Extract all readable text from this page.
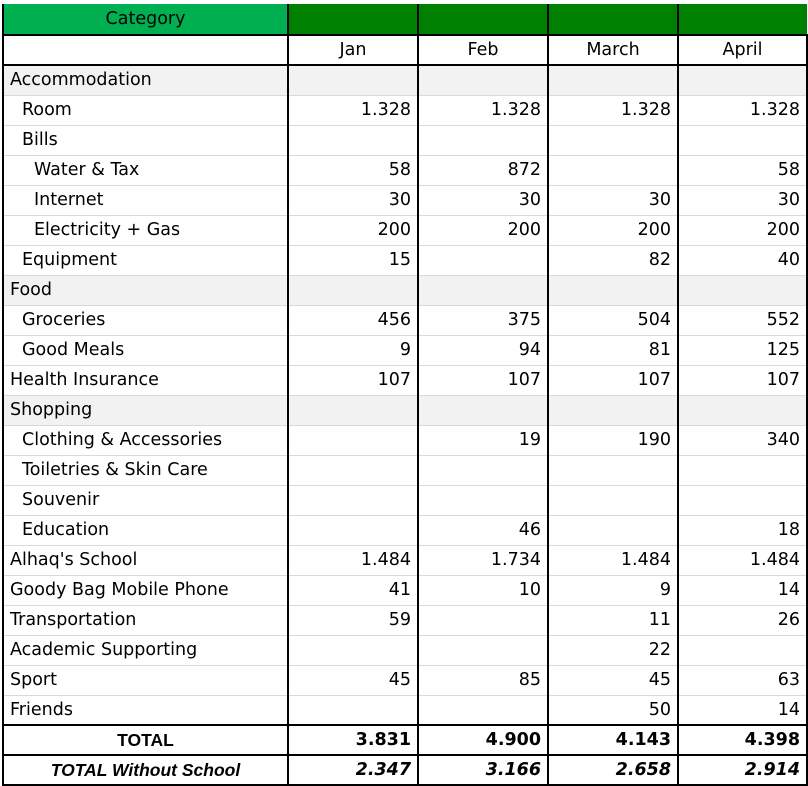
Category				
	Jan	Feb	March	April
Accommodation				
Room	1.328	1.328	1.328	1.328
Bills				
Water & Tax	58	872		58
Internet	30	30	30	30
Electricity + Gas	200	200	200	200
Equipment	15		82	40
Food				
Groceries	456	375	504	552
Good Meals	9	94	81	125
Health Insurance	107	107	107	107
Shopping				
Clothing & Accessories		19	190	340
Toiletries & Skin Care				
Souvenir				
Education		46		18
Alhaq's School	1.484	1.734	1.484	1.484
Goody Bag Mobile Phone	41	10	9	14
Transportation	59		11	26
Academic Supporting			22	
Sport	45	85	45	63
Friends			50	14
TOTAL	3.831	4.900	4.143	4.398
TOTAL Without School	2.347	3.166	2.658	2.914
